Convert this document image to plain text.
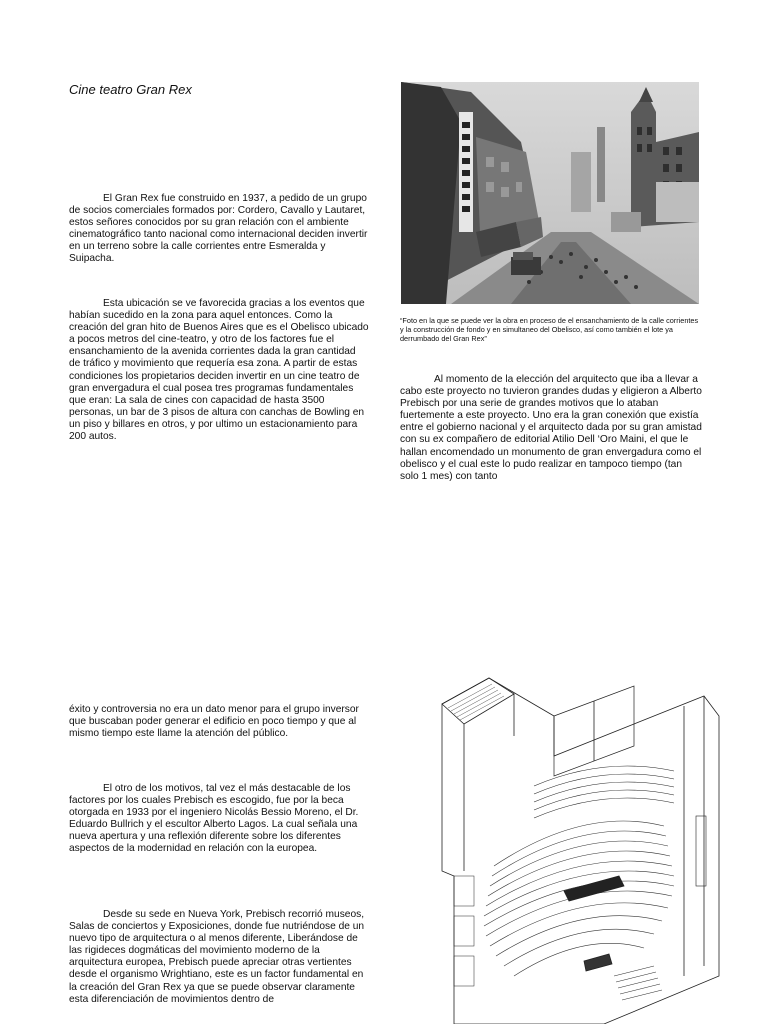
Cine teatro Gran Rex
El Gran Rex fue construido en 1937, a pedido de un grupo de socios comerciales formados por: Cordero, Cavallo y Lautaret, estos señores conocidos por su gran relación con el ambiente cinematográfico tanto nacional como internacional deciden invertir en un terreno sobre la calle corrientes entre Esmeralda y Suipacha.
Esta ubicación se ve favorecida gracias a los eventos que habían sucedido en la zona para aquel entonces. Como la creación del gran hito de Buenos Aires que es el Obelisco ubicado a pocos metros del cine-teatro, y otro de los factores fue el ensanchamiento de la avenida corrientes dada la gran cantidad de tráfico y movimiento que requería esa zona. A partir de estas condiciones los propietarios deciden invertir en un cine teatro de gran envergadura el cual posea tres programas fundamentales que eran: La sala de cines con capacidad de hasta 3500 personas, un bar de 3 pisos de altura con canchas de Bowling en un piso y billares en otros, y por ultimo un estacionamiento para 200 autos.
“Foto en la que se puede ver la obra en proceso de el ensanchamiento de la calle corrientes y la construcción de fondo y en simultaneo del Obelisco, así como también el lote ya derrumbado del Gran Rex”
Al momento de la elección del arquitecto que iba a llevar a cabo este proyecto no tuvieron grandes dudas y eligieron a Alberto Prebisch por una serie de grandes motivos que lo ataban fuertemente a este proyecto. Uno era la gran conexión que existía entre el gobierno nacional y el arquitecto dada por su gran amistad con su ex compañero de editorial Atilio Dell ‘Oro Maini, el que le hallan encomendado un monumento de gran envergadura como el obelisco y el cual este lo pudo realizar en tampoco tiempo (tan solo 1 mes) con tanto
éxito y controversia no era un dato menor para el grupo inversor que buscaban poder generar el edificio en poco tiempo y que al mismo tiempo este llame la atención del público.
El otro de los motivos, tal vez el más destacable de los factores por los cuales Prebisch es escogido, fue por la beca otorgada en 1933 por el ingeniero Nicolás Bessio Moreno, el Dr. Eduardo Bullrich y el escultor Alberto Lagos. La cual señala una nueva apertura y una reflexión diferente sobre los diferentes aspectos de la modernidad en relación con la europea.
Desde su sede en Nueva York, Prebisch recorrió museos, Salas de conciertos y Exposiciones, donde fue nutriéndose de un nuevo tipo de arquitectura o al menos diferente, Liberándose de las rigideces dogmáticas del movimiento moderno de la arquitectura europea, Prebisch puede apreciar otras vertientes desde el organismo Wrightiano, este es un factor fundamental en la creación del Gran Rex ya que se puede observar claramente esta diferenciación de movimientos dentro de
